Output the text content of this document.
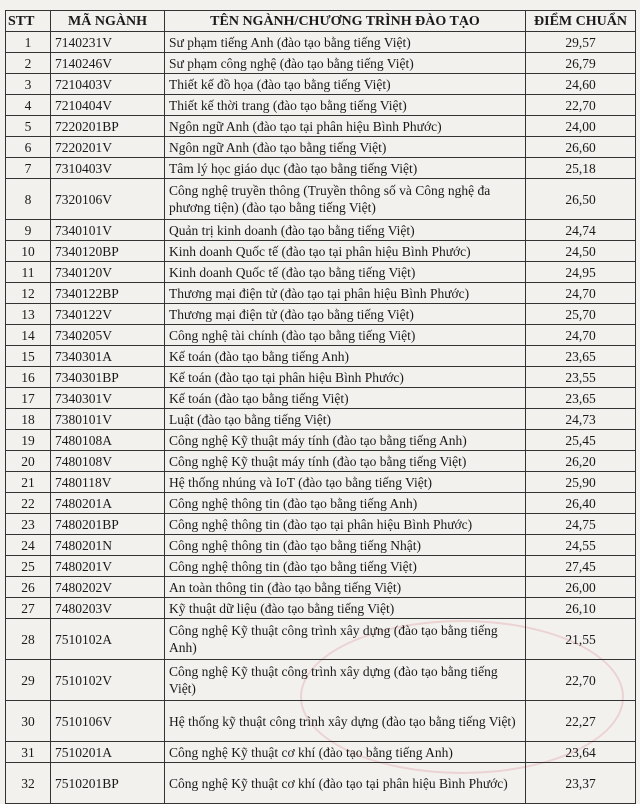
STT	MÃ NGÀNH	TÊN NGÀNH/CHƯƠNG TRÌNH ĐÀO TẠO	ĐIỂM CHUẨN
1	7140231V	Sư phạm tiếng Anh (đào tạo bằng tiếng Việt)	29,57
2	7140246V	Sư phạm công nghệ (đào tạo bằng tiếng Việt)	26,79
3	7210403V	Thiết kế đồ họa (đào tạo bằng tiếng Việt)	24,60
4	7210404V	Thiết kế thời trang (đào tạo bằng tiếng Việt)	22,70
5	7220201BP	Ngôn ngữ Anh (đào tạo tại phân hiệu Bình Phước)	24,00
6	7220201V	Ngôn ngữ Anh (đào tạo bằng tiếng Việt)	26,60
7	7310403V	Tâm lý học giáo dục (đào tạo bằng tiếng Việt)	25,18
8	7320106V	Công nghệ truyền thông (Truyền thông số và Công nghệ đa phương tiện) (đào tạo bằng tiếng Việt)	26,50
9	7340101V	Quản trị kinh doanh (đào tạo bằng tiếng Việt)	24,74
10	7340120BP	Kinh doanh Quốc tế (đào tạo tại phân hiệu Bình Phước)	24,50
11	7340120V	Kinh doanh Quốc tế (đào tạo bằng tiếng Việt)	24,95
12	7340122BP	Thương mại điện tử (đào tạo tại phân hiệu Bình Phước)	24,70
13	7340122V	Thương mại điện tử (đào tạo bằng tiếng Việt)	25,70
14	7340205V	Công nghệ tài chính (đào tạo bằng tiếng Việt)	24,70
15	7340301A	Kế toán (đào tạo bằng tiếng Anh)	23,65
16	7340301BP	Kế toán (đào tạo tại phân hiệu Bình Phước)	23,55
17	7340301V	Kế toán (đào tạo bằng tiếng Việt)	23,65
18	7380101V	Luật (đào tạo bằng tiếng Việt)	24,73
19	7480108A	Công nghệ Kỹ thuật máy tính (đào tạo bằng tiếng Anh)	25,45
20	7480108V	Công nghệ Kỹ thuật máy tính (đào tạo bằng tiếng Việt)	26,20
21	7480118V	Hệ thống nhúng và IoT (đào tạo bằng tiếng Việt)	25,90
22	7480201A	Công nghệ thông tin (đào tạo bằng tiếng Anh)	26,40
23	7480201BP	Công nghệ thông tin (đào tạo tại phân hiệu Bình Phước)	24,75
24	7480201N	Công nghệ thông tin (đào tạo bằng tiếng Nhật)	24,55
25	7480201V	Công nghệ thông tin (đào tạo bằng tiếng Việt)	27,45
26	7480202V	An toàn thông tin (đào tạo bằng tiếng Việt)	26,00
27	7480203V	Kỹ thuật dữ liệu (đào tạo bằng tiếng Việt)	26,10
28	7510102A	Công nghệ Kỹ thuật công trình xây dựng (đào tạo bằng tiếng Anh)	21,55
29	7510102V	Công nghệ Kỹ thuật công trình xây dựng (đào tạo bằng tiếng Việt)	22,70
30	7510106V	Hệ thống kỹ thuật công trình xây dựng (đào tạo bằng tiếng Việt)	22,27
31	7510201A	Công nghệ Kỹ thuật cơ khí (đào tạo bằng tiếng Anh)	23,64
32	7510201BP	Công nghệ Kỹ thuật cơ khí (đào tạo tại phân hiệu Bình Phước)	23,37
